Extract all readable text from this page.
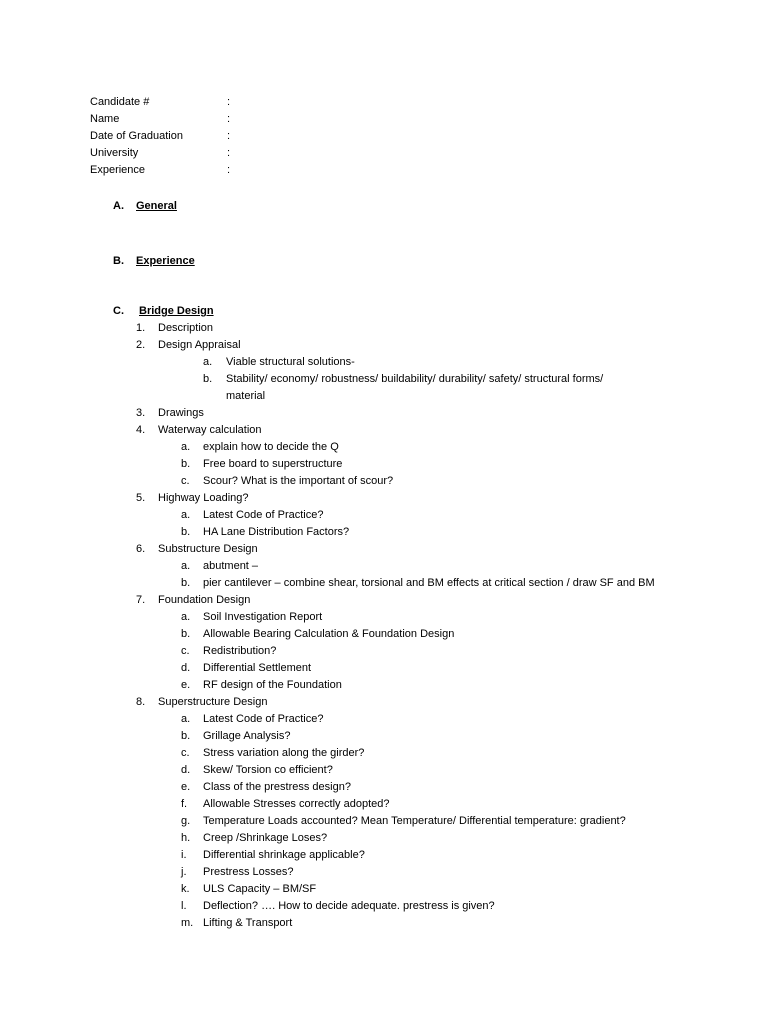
Candidate #	:
Name	:
Date of Graduation	:
University	:
Experience	:
A. General
B. Experience
C. Bridge Design
1. Description
2. Design Appraisal
a. Viable structural solutions-
b. Stability/ economy/ robustness/ buildability/ durability/ safety/ structural forms/
material
3. Drawings
4. Waterway calculation
a. explain how to decide the Q
b. Free board to superstructure
c. Scour? What is the important of scour?
5. Highway Loading?
a. Latest Code of Practice?
b. HA Lane Distribution Factors?
6. Substructure Design
a. abutment –
b. pier cantilever – combine shear, torsional and BM effects at critical section / draw SF and BM
7. Foundation Design
a. Soil Investigation Report
b. Allowable Bearing Calculation & Foundation Design
c. Redistribution?
d. Differential Settlement
e. RF design of the Foundation
8. Superstructure Design
a. Latest Code of Practice?
b. Grillage Analysis?
c. Stress variation along the girder?
d. Skew/ Torsion co efficient?
e. Class of the prestress design?
f. Allowable Stresses correctly adopted?
g. Temperature Loads accounted? Mean Temperature/ Differential temperature: gradient?
h. Creep /Shrinkage Loses?
i. Differential shrinkage applicable?
j. Prestress Losses?
k. ULS Capacity – BM/SF
l. Deflection? …. How to decide adequate. prestress is given?
m. Lifting & Transport
